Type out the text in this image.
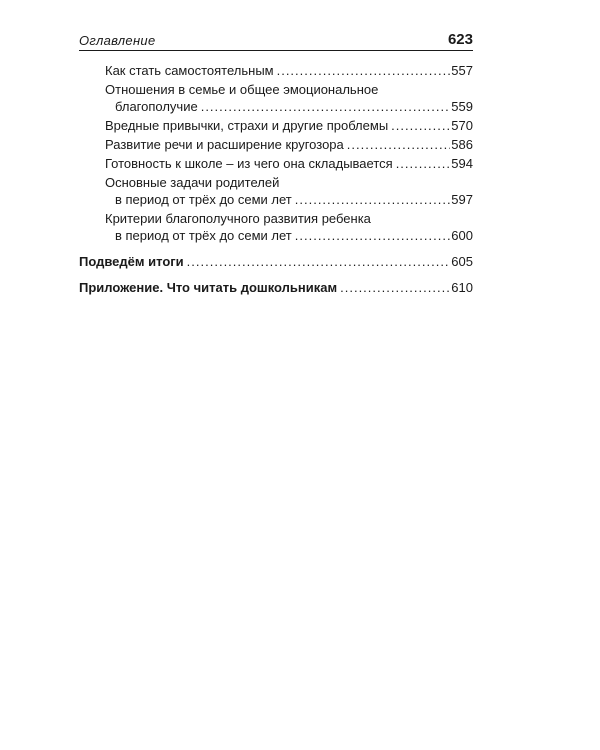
Оглавление	623
Как стать самостоятельным .....	557
Отношения в семье и общее эмоциональное
благополучие .....	559
Вредные привычки, страхи и другие проблемы .....	570
Развитие речи и расширение кругозора .....	586
Готовность к школе – из чего она складывается .....	594
Основные задачи родителей
в период от трёх до семи лет .....	597
Критерии благополучного развития ребенка
в период от трёх до семи лет .....	600
Подведём итоги .....	605
Приложение. Что читать дошкольникам .....	610
